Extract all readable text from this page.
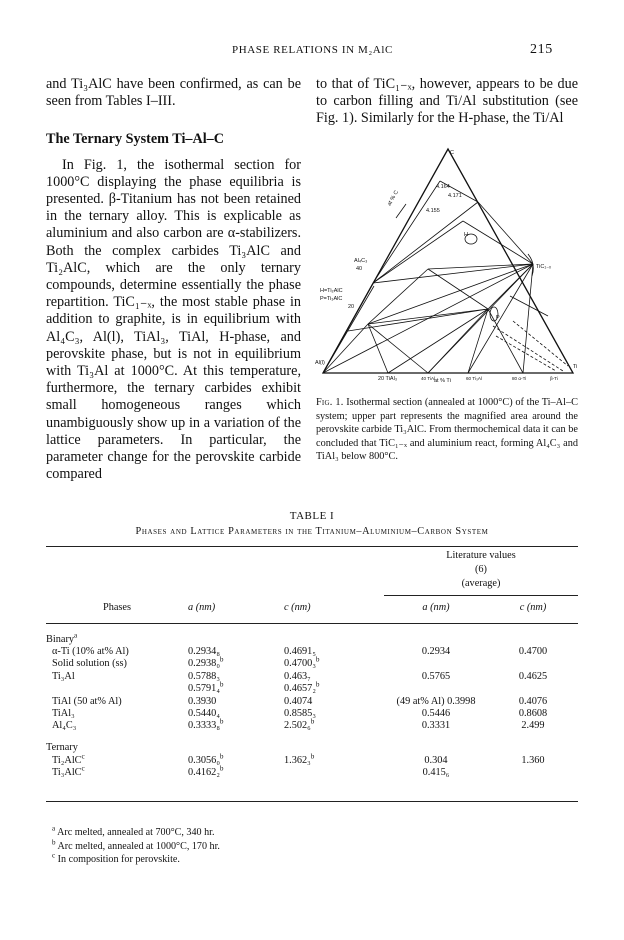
PHASE RELATIONS IN M₂AlC	215

and Ti₃AlC have been confirmed, as can be seen from Tables I–III.

The Ternary System Ti–Al–C

In Fig. 1, the isothermal section for 1000°C displaying the phase equilibria is presented. β-Titanium has not been retained in the ternary alloy. This is explicable as aluminium and also carbon are α-stabilizers. Both the complex carbides Ti₃AlC and Ti₂AlC, which are the only ternary compounds, determine essentially the phase repartition. TiC₁₋ₓ, the most stable phase in addition to graphite, is in equilibrium with Al₄C₃, Al(l), TiAl₃, TiAl, H-phase, and perovskite phase, but is not in equilibrium with Ti₃Al at 1000°C. At this temperature, furthermore, the ternary carbides exhibit small homogeneous ranges which unambiguously show up in a variation of the lattice parameters. In particular, the parameter change for the perovskite carbide compared

to that of TiC₁₋ₓ, however, appears to be due to carbon filling and Ti/Al substitution (see Fig. 1). Similarly for the H-phase, the Ti/Al

C
Al(l)
Ti
H=Ti₂AlC
P=Ti₃AlC
Al₄C₃
40
20
TiC₁₋ₓ
H
P
4.164
4.171
4.155
at % C
at % Ti
20 TiAl₃	40 TiAl	60 Ti₃Al	80 α-Ti	β-Ti
Fig. 1. Isothermal section (annealed at 1000°C) of the Ti–Al–C system; upper part represents the magnified area around the perovskite carbide Ti₃AlC. From thermochemical data it can be concluded that TiC₁₋ₓ and aluminium react, forming Al₄C₃ and TiAl₃ below 800°C.
TABLE I
Phases and Lattice Parameters in the Titanium–Aluminium–Carbon System
			Literature values	
			(6)	
			(average)	
Phases	a (nm)	c (nm)	a (nm)	c (nm)
Binary$^a$				
α-Ti (10% at% Al)	0.2934₈	0.4691₅	0.2934	0.4700
Solid solution (ss)	0.2938₀$^b$	0.4700₃$^b$		
Ti₃Al	0.5788₃	0.463₇	0.5765	0.4625
	0.5791₄$^b$	0.4657₂$^b$		
TiAl (50 at% Al)	0.3930	0.4074	(49 at% Al) 0.3998	0.4076
TiAl₃	0.5440₄	0.8585₃	0.5446	0.8608
Al₄C₃	0.3333₈$^b$	2.502₆$^b$	0.3331	2.499
Ternary				
Ti₂AlC$^c$	0.3056₀$^b$	1.362₃$^b$	0.304	1.360
Ti₃AlC$^c$	0.4162₂$^b$		0.415₆	
$^a$ Arc melted, annealed at 700°C, 340 hr.
$^b$ Arc melted, annealed at 1000°C, 170 hr.
$^c$ In composition for perovskite.
